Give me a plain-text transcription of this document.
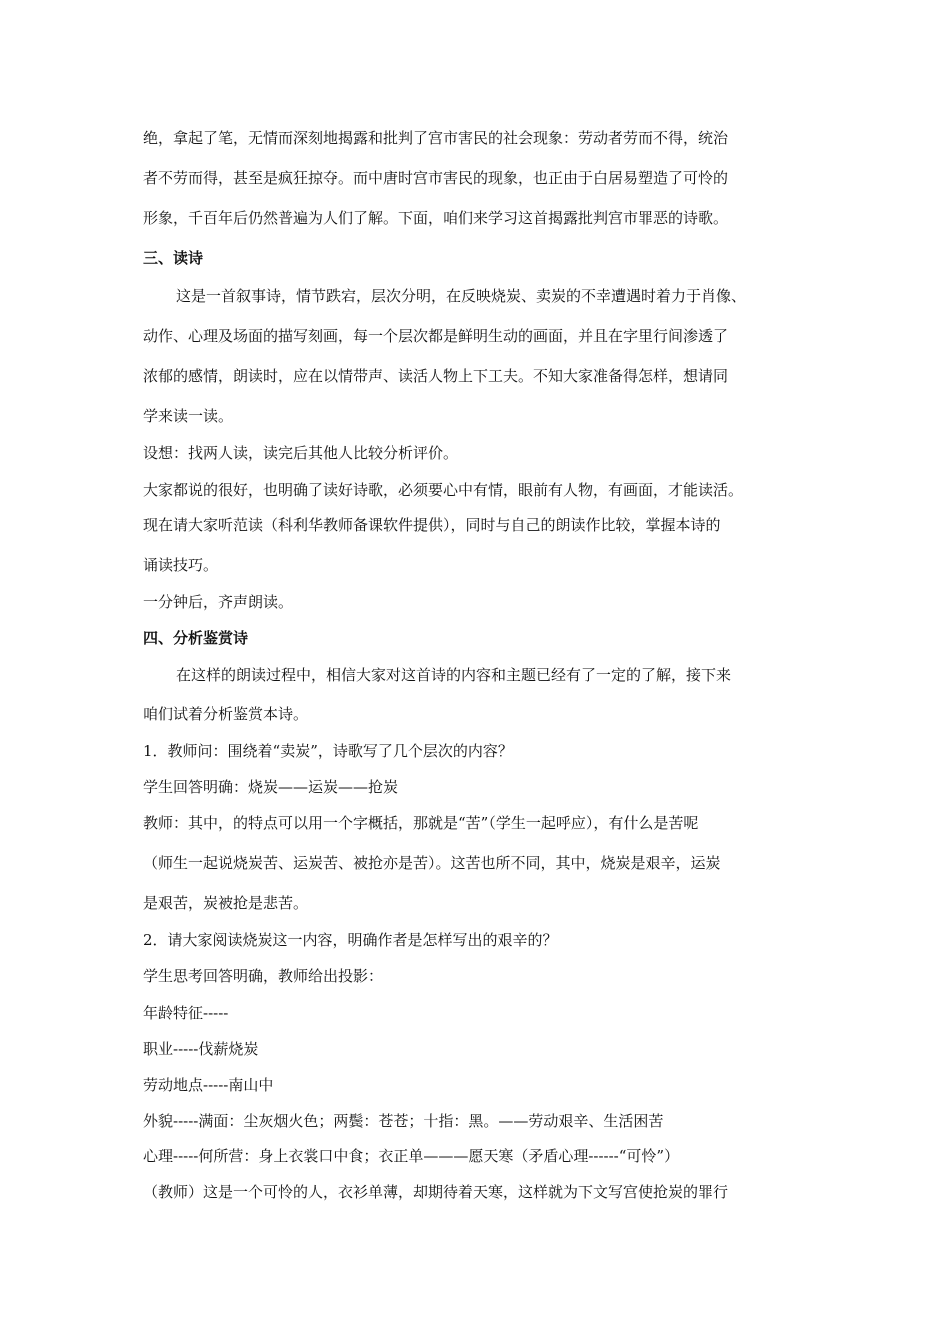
绝，拿起了笔，无情而深刻地揭露和批判了宫市害民的社会现象：劳动者劳而不得，统治
者不劳而得，甚至是疯狂掠夺。而中唐时宫市害民的现象，也正由于白居易塑造了可怜的
形象，千百年后仍然普遍为人们了解。下面，咱们来学习这首揭露批判宫市罪恶的诗歌。
三、读诗
这是一首叙事诗，情节跌宕，层次分明，在反映烧炭、卖炭的不幸遭遇时着力于肖像、
动作、心理及场面的描写刻画，每一个层次都是鲜明生动的画面，并且在字里行间渗透了
浓郁的感情，朗读时，应在以情带声、读活人物上下工夫。不知大家准备得怎样，想请同
学来读一读。
设想：找两人读，读完后其他人比较分析评价。
大家都说的很好，也明确了读好诗歌，必须要心中有情，眼前有人物，有画面，才能读活。
现在请大家听范读（科利华教师备课软件提供），同时与自己的朗读作比较，掌握本诗的
诵读技巧。
一分钟后，齐声朗读。
四、分析鉴赏诗
在这样的朗读过程中，相信大家对这首诗的内容和主题已经有了一定的了解，接下来
咱们试着分析鉴赏本诗。
1．教师问：围绕着“卖炭”，诗歌写了几个层次的内容？
学生回答明确：烧炭——运炭——抢炭
教师：其中，的特点可以用一个字概括，那就是“苦”（学生一起呼应），有什么是苦呢
（师生一起说烧炭苦、运炭苦、被抢亦是苦）。这苦也所不同，其中，烧炭是艰辛，运炭
是艰苦，炭被抢是悲苦。
2．请大家阅读烧炭这一内容，明确作者是怎样写出的艰辛的？
学生思考回答明确，教师给出投影：
年龄特征-----
职业-----伐薪烧炭
劳动地点-----南山中
外貌-----满面：尘灰烟火色；两鬓：苍苍；十指：黑。——劳动艰辛、生活困苦
心理-----何所营：身上衣裳口中食；衣正单———愿天寒（矛盾心理------“可怜”）
（教师）这是一个可怜的人，衣衫单薄，却期待着天寒，这样就为下文写宫使抢炭的罪行
